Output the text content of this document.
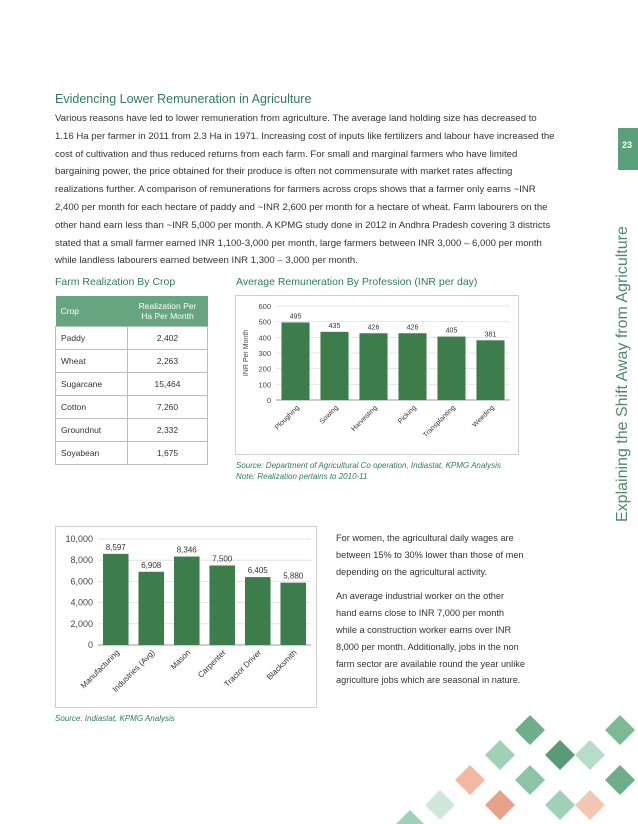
23
Explaining the Shift Away from Agriculture
Evidencing Lower Remuneration in Agriculture

Various reasons have led to lower remuneration from agriculture. The average land holding size has decreased to 1.16 Ha per farmer in 2011 from 2.3 Ha in 1971. Increasing cost of inputs like fertilizers and labour have increased the cost of cultivation and thus reduced returns from each farm. For small and marginal farmers who have limited bargaining power, the price obtained for their produce is often not commensurate with market rates affecting realizations further. A comparison of remunerations for farmers across crops shows that a farmer only earns ~INR 2,400 per month for each hectare of paddy and ~INR 2,600 per month for a hectare of wheat. Farm labourers on the other hand earn less than ~INR 5,000 per month. A KPMG study done in 2012 in Andhra Pradesh covering 3 districts stated that a small farmer earned INR 1,100-3,000 per month, large farmers between INR 3,000 – 6,000 per month while landless labourers earned between INR 1,300 – 3,000 per month.

Farm Realization By Crop
Crop	Realization Per Ha Per Month
Paddy	2,402
Wheat	2,263
Sugarcane	15,464
Cotton	7,260
Groundnut	2,332
Soyabean	1,675
Average Remuneration By Profession (INR per day)
0
100
200
300
400
500
600
INR Per Month
495
Ploughing
435
Sowing
426
Harvesting
426
Picking
405
Transplanting
381
Weeding
Source: Department of Agricultural Co operation, Indiastat, KPMG Analysis
Note: Realization pertains to 2010-11
0
2,000
4,000
6,000
8,000
10,000
8,597
Manufacturing
6,908
Industries (Avg)
8,346
Mason
7,500
Carpenter
6,405
Tractor Driver
5,880
Blacksmith
Source: Indiastat, KPMG Analysis

For women, the agricultural daily wages are between 15% to 30% lower than those of men depending on the agricultural activity.

An average industrial worker on the other hand earns close to INR 7,000 per month while a construction worker earns over INR 8,000 per month. Additionally, jobs in the non farm sector are available round the year unlike agriculture jobs which are seasonal in nature.
